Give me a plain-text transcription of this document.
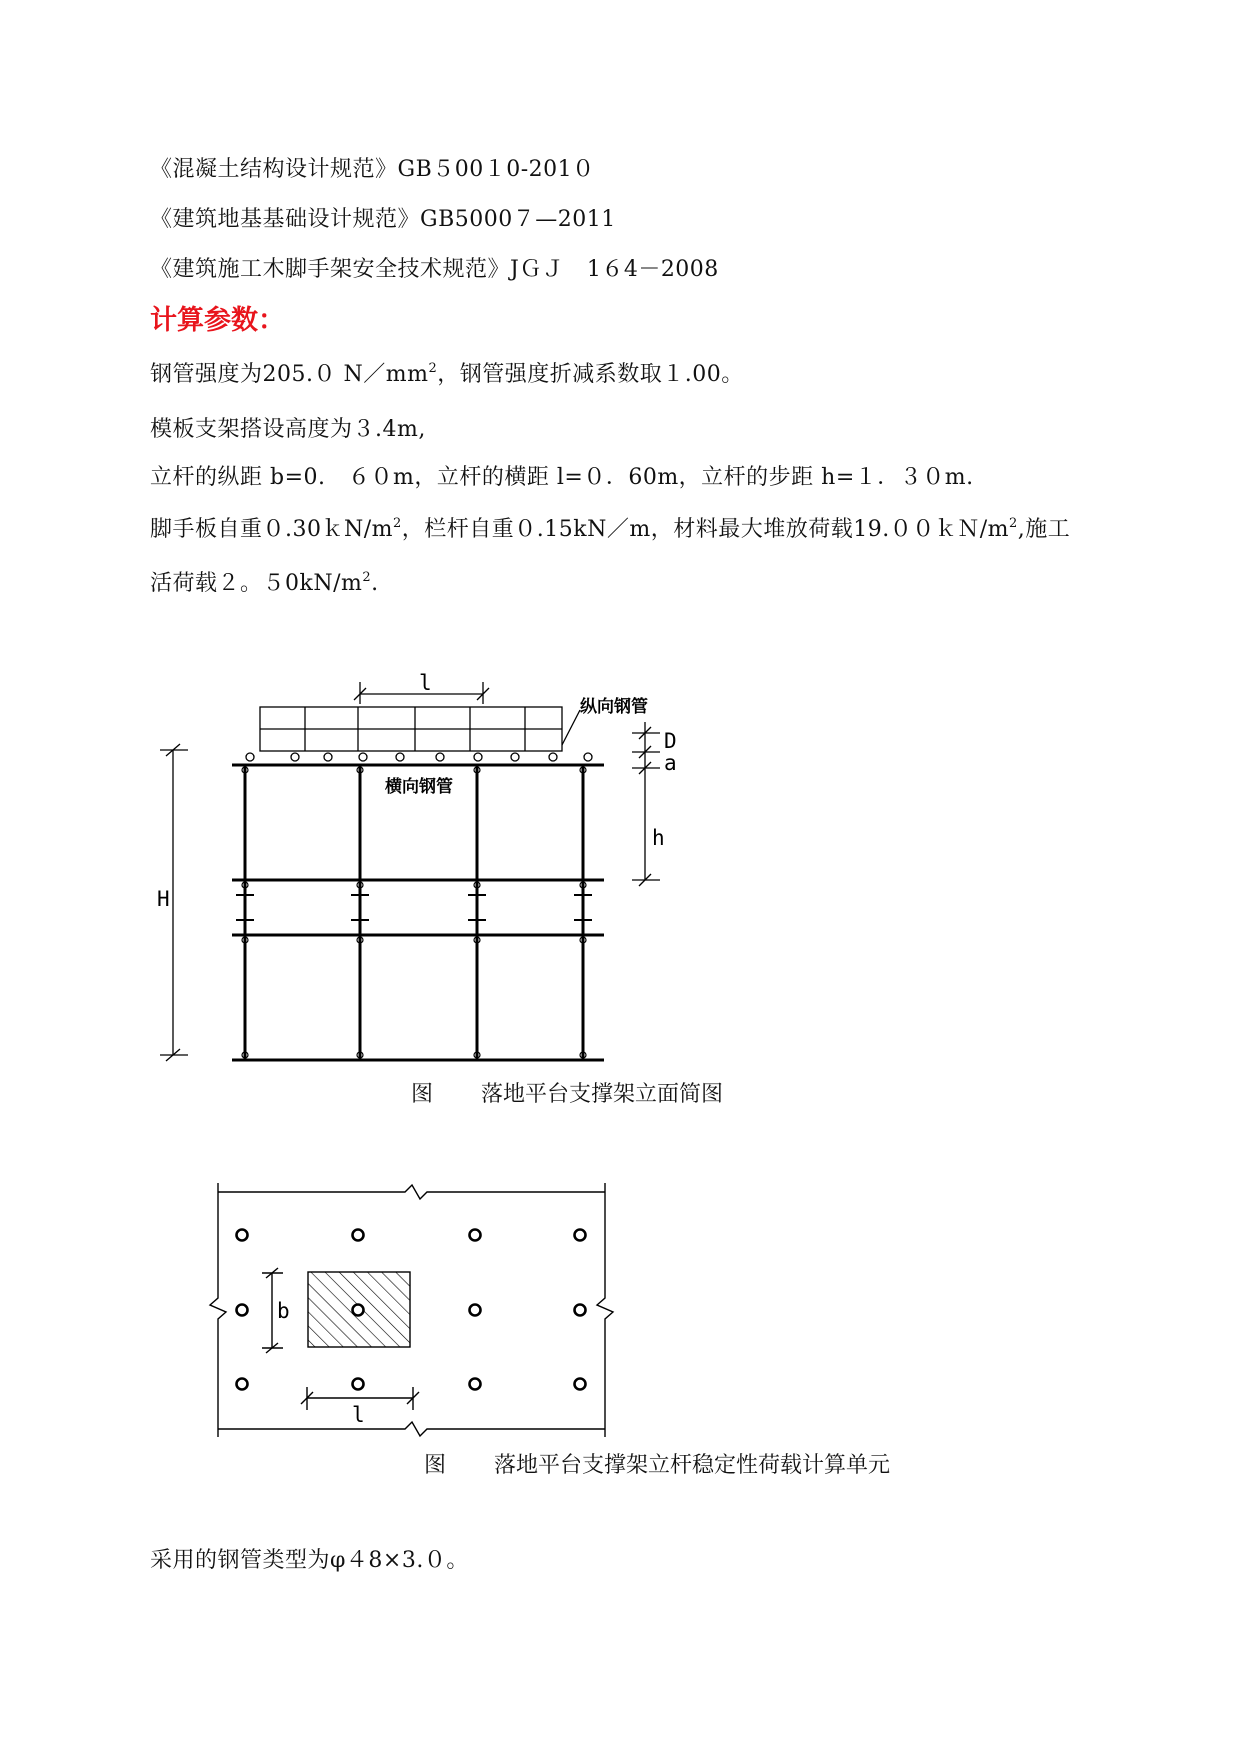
《混凝土结构设计规范》GB５00１0-201０
《建筑地基基础设计规范》GB5000７—2011
《建筑施工木脚手架安全技术规范》JＧＪ　1６4－2008
计算参数：
钢管强度为205.０ $N/mm^2$，钢管强度折减系数取１.00。
模板支架搭设高度为３.4m,
立杆的纵距 b=0.　６０m，立杆的横距 l=０．60m，立杆的步距 h=１．３０m.
脚手板自重$0.30kN/m^2$，栏杆自重０.15kN／m，材料最大堆放荷载$19.00kN/m^2$,施工
活荷载２。$50kN/m^2$.
l
纵向钢管
横向钢管
D
a
h
H
b
l
图 落地平台支撑架立面简图
图 落地平台支撑架立杆稳定性荷载计算单元
采用的钢管类型为φ４8×3.０。
